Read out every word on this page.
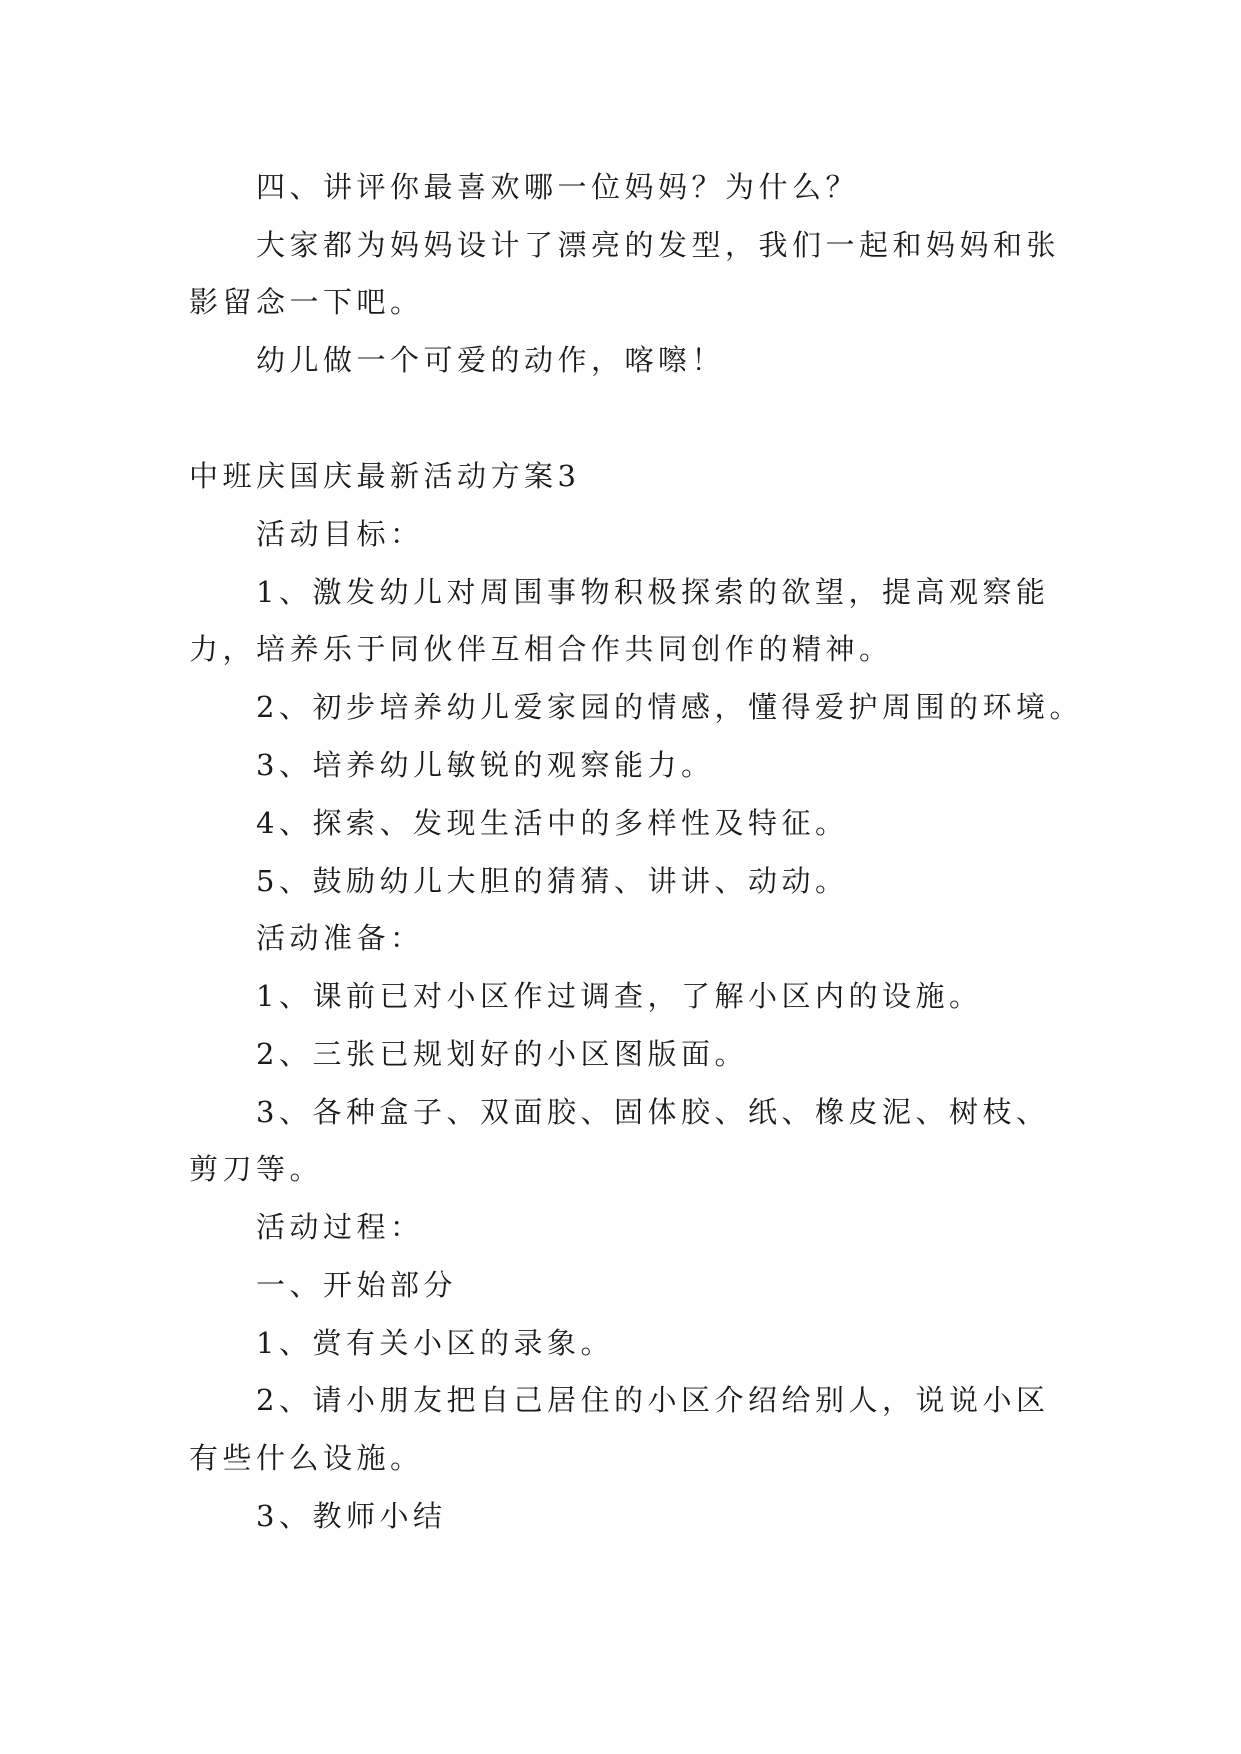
四、讲评你最喜欢哪一位妈妈？为什么？
大家都为妈妈设计了漂亮的发型，我们一起和妈妈和张
影留念一下吧。
幼儿做一个可爱的动作，喀嚓！
中班庆国庆最新活动方案3
活动目标：
1、激发幼儿对周围事物积极探索的欲望，提高观察能
力，培养乐于同伙伴互相合作共同创作的精神。
2、初步培养幼儿爱家园的情感，懂得爱护周围的环境。
3、培养幼儿敏锐的观察能力。
4、探索、发现生活中的多样性及特征。
5、鼓励幼儿大胆的猜猜、讲讲、动动。
活动准备：
1、课前已对小区作过调查，了解小区内的设施。
2、三张已规划好的小区图版面。
3、各种盒子、双面胶、固体胶、纸、橡皮泥、树枝、
剪刀等。
活动过程：
一、开始部分
1、赏有关小区的录象。
2、请小朋友把自己居住的小区介绍给别人，说说小区
有些什么设施。
3、教师小结
